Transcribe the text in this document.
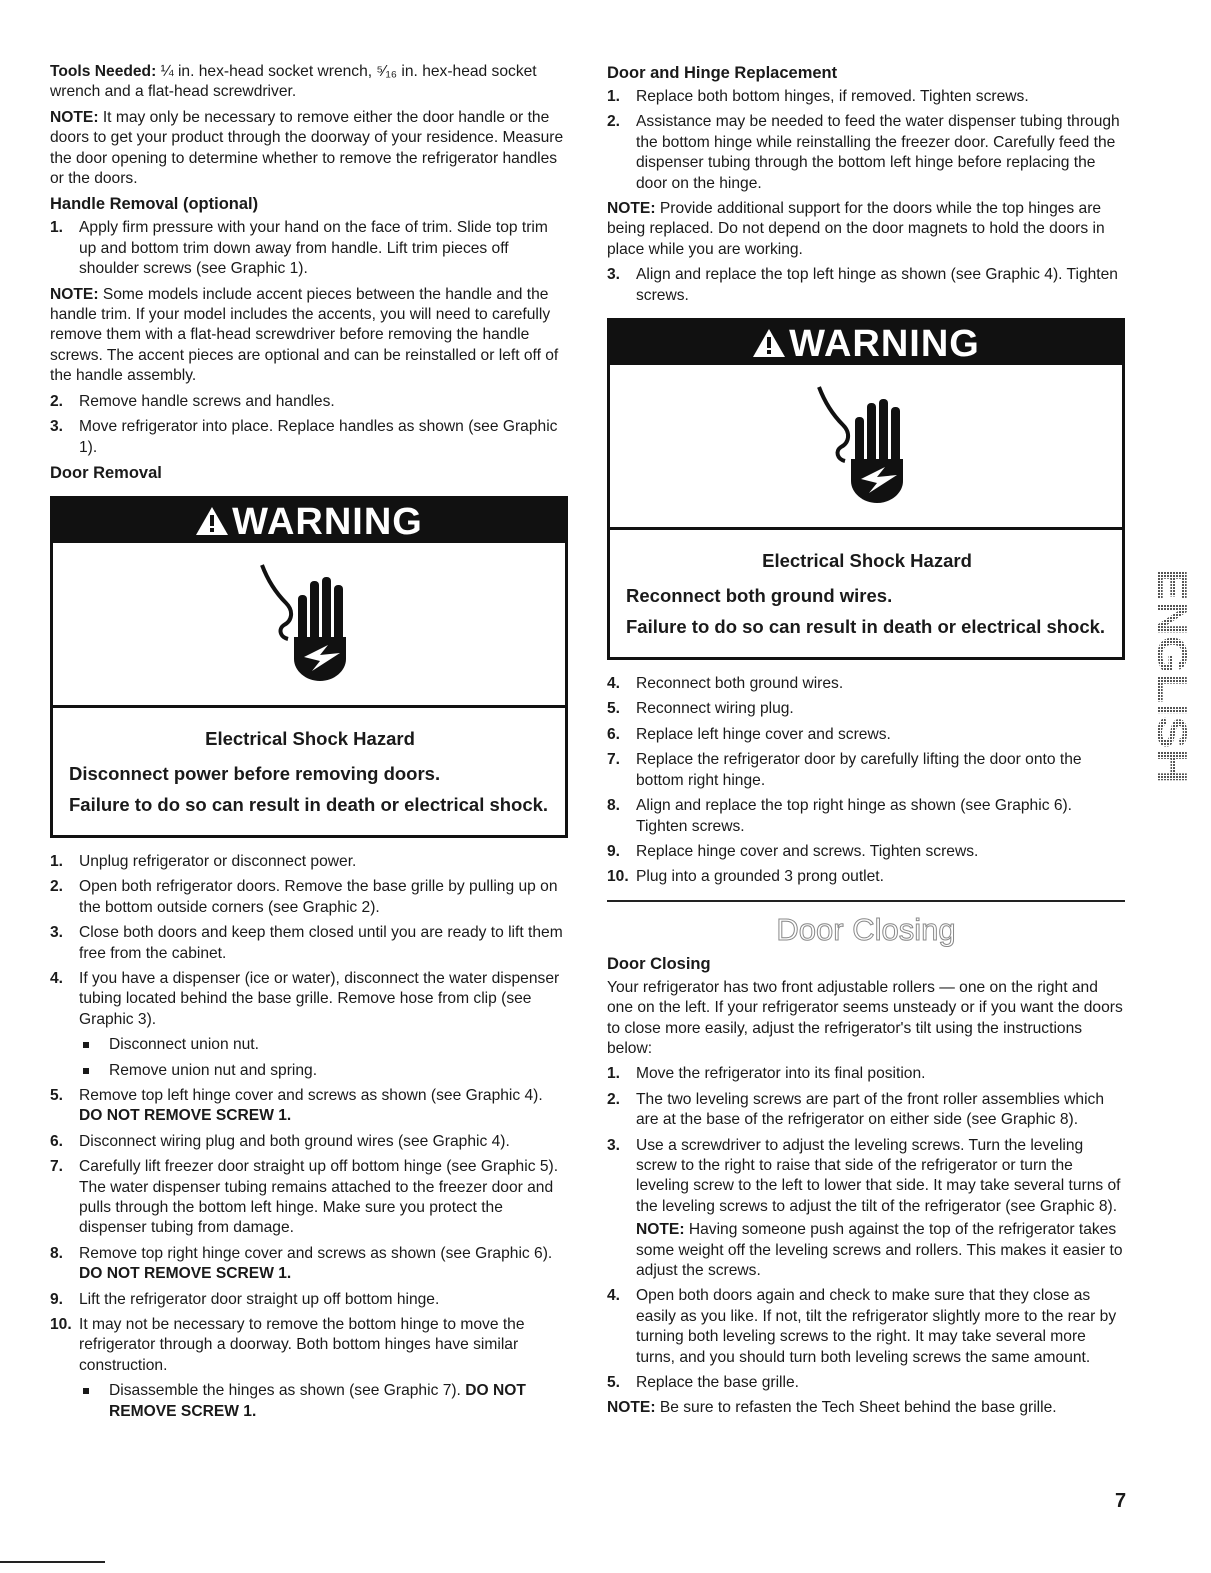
Tools Needed: ¼ in. hex-head socket wrench, ⁵⁄₁₆ in. hex-head socket wrench and a flat-head screwdriver.

NOTE: It may only be necessary to remove either the door handle or the doors to get your product through the doorway of your residence. Measure the door opening to determine whether to remove the refrigerator handles or the doors.

Handle Removal (optional)
1. Apply firm pressure with your hand on the face of trim. Slide top trim up and bottom trim down away from handle. Lift trim pieces off shoulder screws (see Graphic 1).

NOTE: Some models include accent pieces between the handle and the handle trim. If your model includes the accents, you will need to carefully remove them with a flat-head screwdriver before removing the handle screws. The accent pieces are optional and can be reinstalled or left off of the handle assembly.

2. Remove handle screws and handles.
3. Move refrigerator into place. Replace handles as shown (see Graphic 1).
Door Removal
WARNING
Electrical Shock Hazard
Disconnect power before removing doors.
Failure to do so can result in death or electrical shock.
1. Unplug refrigerator or disconnect power.
2. Open both refrigerator doors. Remove the base grille by pulling up on the bottom outside corners (see Graphic 2).
3. Close both doors and keep them closed until you are ready to lift them free from the cabinet.
4. If you have a dispenser (ice or water), disconnect the water dispenser tubing located behind the base grille. Remove hose from clip (see Graphic 3).
Disconnect union nut.
Remove union nut and spring.
5. Remove top left hinge cover and screws as shown (see Graphic 4). DO NOT REMOVE SCREW 1.
6. Disconnect wiring plug and both ground wires (see Graphic 4).
7. Carefully lift freezer door straight up off bottom hinge (see Graphic 5). The water dispenser tubing remains attached to the freezer door and pulls through the bottom left hinge. Make sure you protect the dispenser tubing from damage.
8. Remove top right hinge cover and screws as shown (see Graphic 6). DO NOT REMOVE SCREW 1.
9. Lift the refrigerator door straight up off bottom hinge.
10. It may not be necessary to remove the bottom hinge to move the refrigerator through a doorway. Both bottom hinges have similar construction.
Disassemble the hinges as shown (see Graphic 7). DO NOT REMOVE SCREW 1.
Door and Hinge Replacement
1. Replace both bottom hinges, if removed. Tighten screws.
2. Assistance may be needed to feed the water dispenser tubing through the bottom hinge while reinstalling the freezer door. Carefully feed the dispenser tubing through the bottom left hinge before replacing the door on the hinge.

NOTE: Provide additional support for the doors while the top hinges are being replaced. Do not depend on the door magnets to hold the doors in place while you are working.

3. Align and replace the top left hinge as shown (see Graphic 4). Tighten screws.
WARNING
Electrical Shock Hazard
Reconnect both ground wires.
Failure to do so can result in death or electrical shock.
4. Reconnect both ground wires.
5. Reconnect wiring plug.
6. Replace left hinge cover and screws.
7. Replace the refrigerator door by carefully lifting the door onto the bottom right hinge.
8. Align and replace the top right hinge as shown (see Graphic 6). Tighten screws.
9. Replace hinge cover and screws. Tighten screws.
10. Plug into a grounded 3 prong outlet.
Door Closing
Door Closing

Your refrigerator has two front adjustable rollers — one on the right and one on the left. If your refrigerator seems unsteady or if you want the doors to close more easily, adjust the refrigerator's tilt using the instructions below:

1. Move the refrigerator into its final position.
2. The two leveling screws are part of the front roller assemblies which are at the base of the refrigerator on either side (see Graphic 8).
3. Use a screwdriver to adjust the leveling screws. Turn the leveling screw to the right to raise that side of the refrigerator or turn the leveling screw to the left to lower that side. It may take several turns of the leveling screws to adjust the tilt of the refrigerator (see Graphic 8).
NOTE: Having someone push against the top of the refrigerator takes some weight off the leveling screws and rollers. This makes it easier to adjust the screws.
4. Open both doors again and check to make sure that they close as easily as you like. If not, tilt the refrigerator slightly more to the rear by turning both leveling screws to the right. It may take several more turns, and you should turn both leveling screws the same amount.
5. Replace the base grille.

NOTE: Be sure to refasten the Tech Sheet behind the base grille.

ENGLISH
7
